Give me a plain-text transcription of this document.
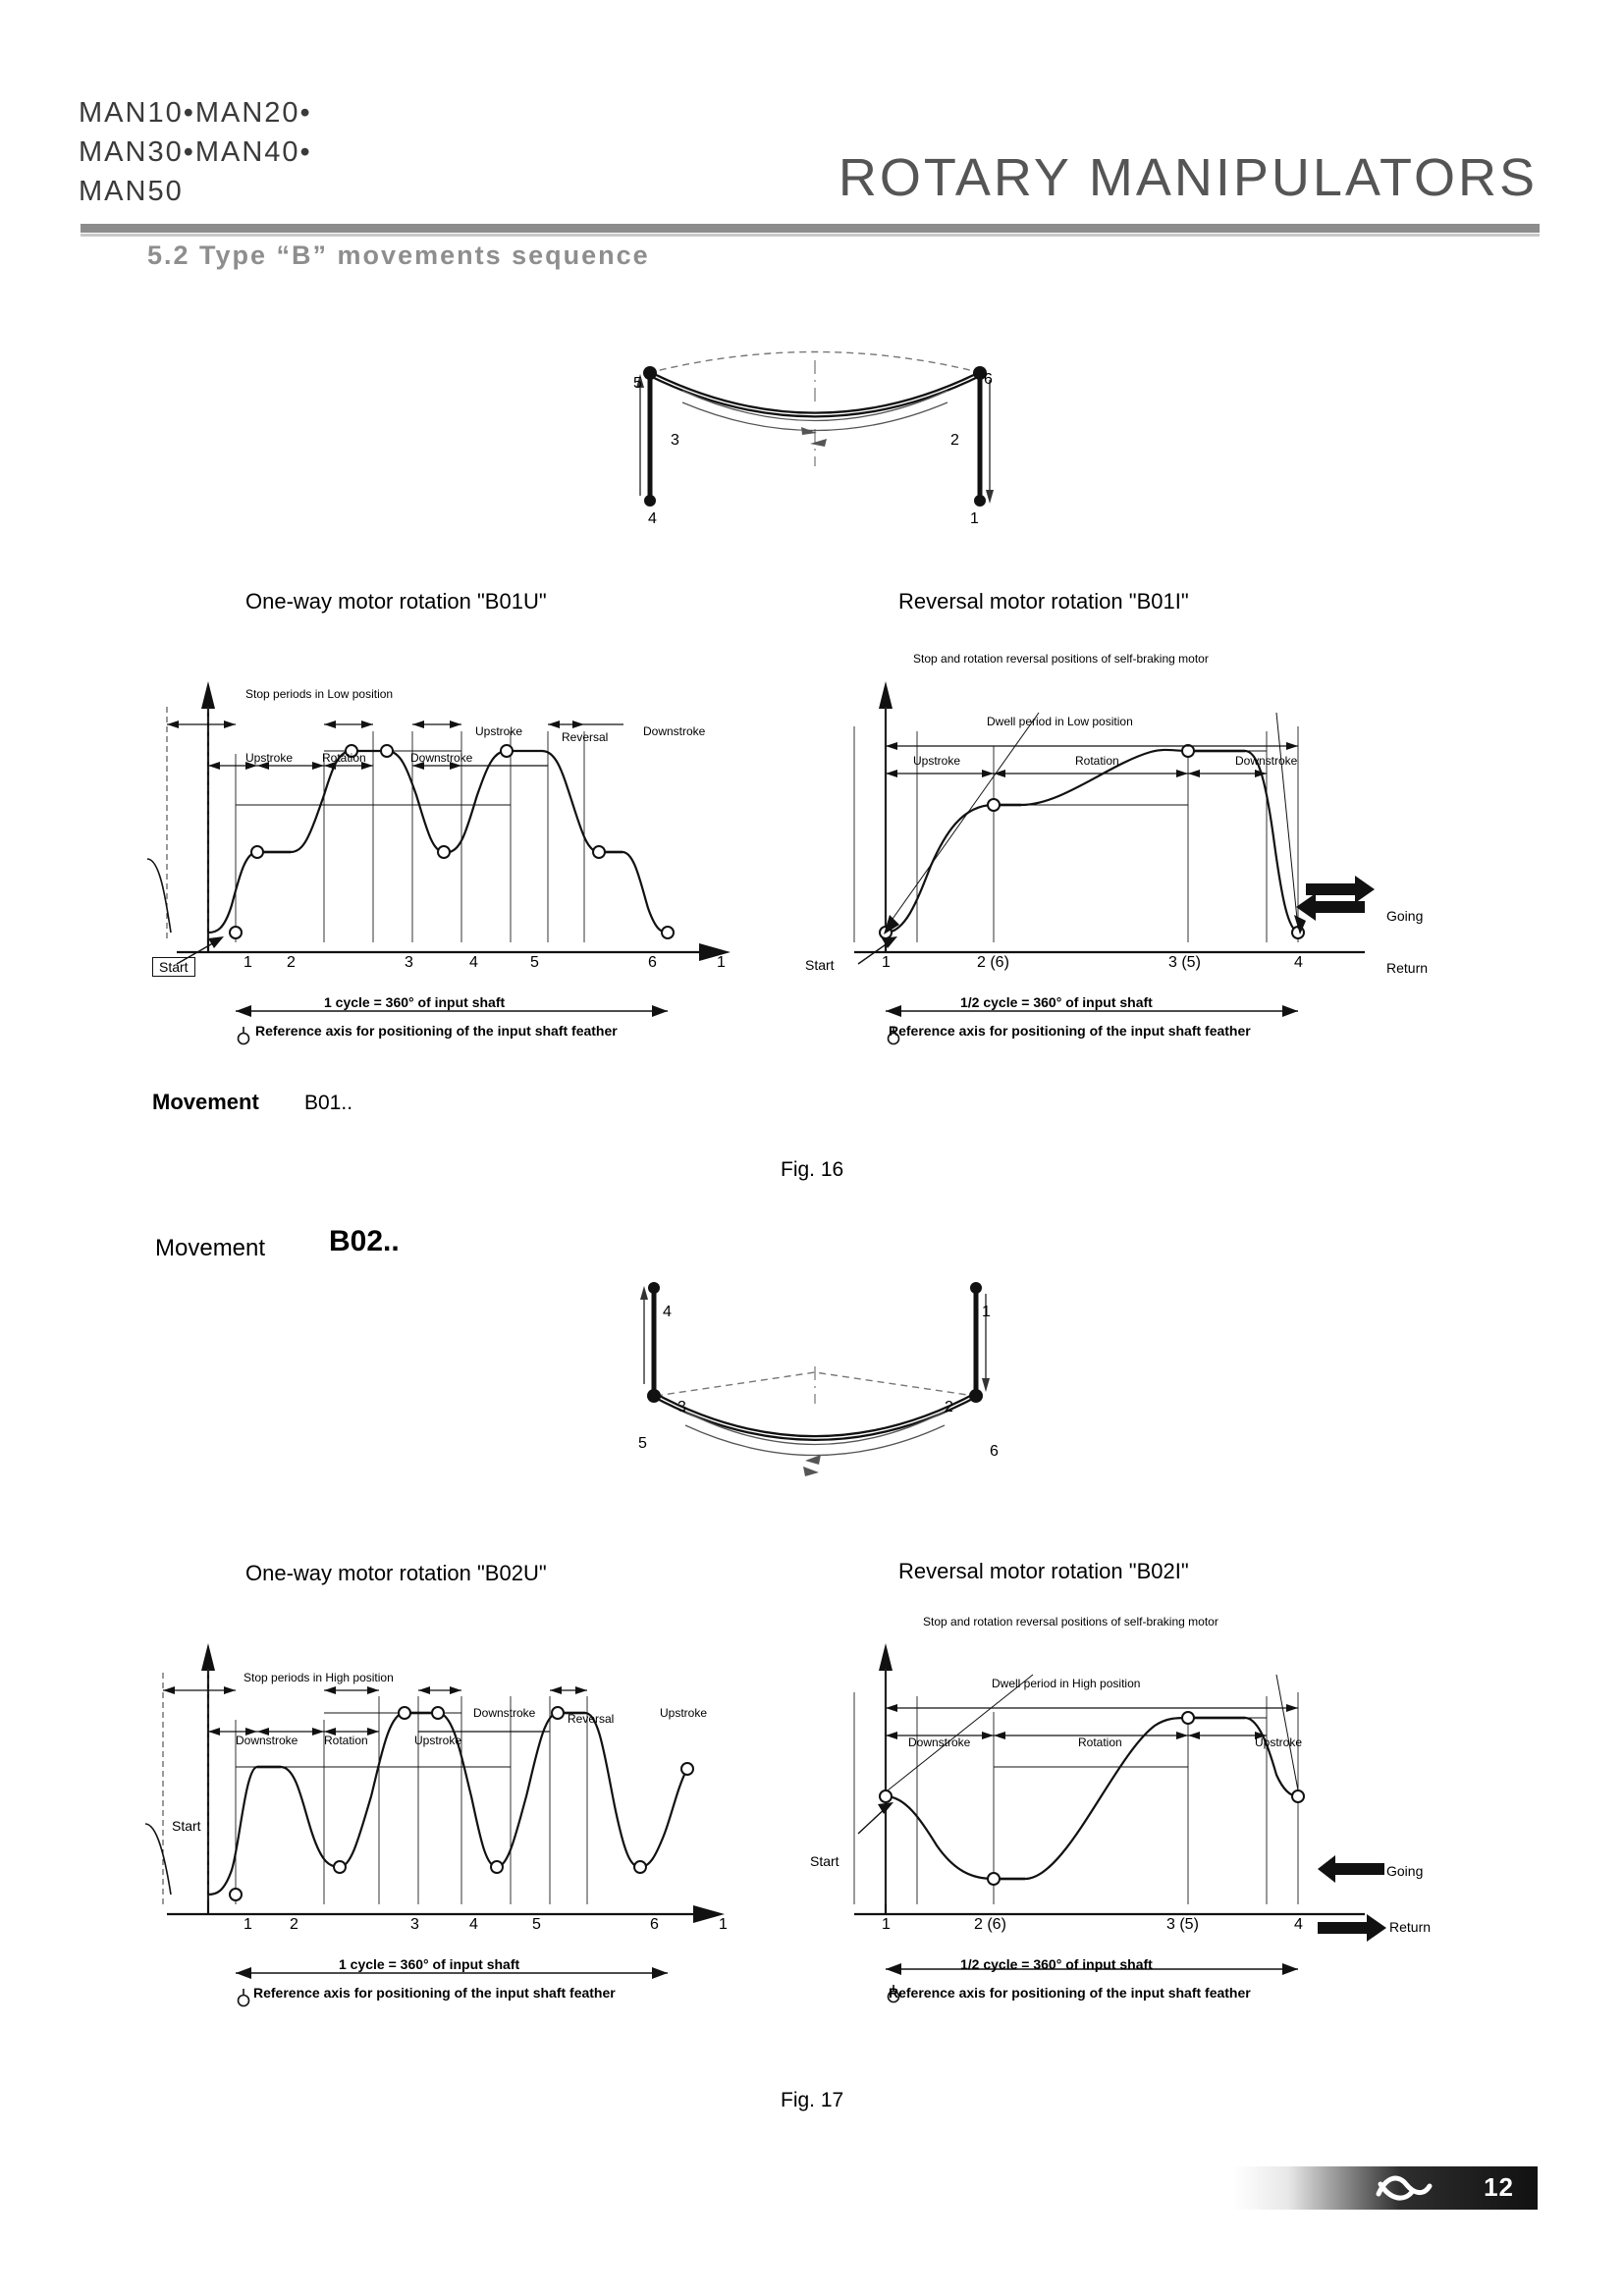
MAN10•MAN20•
MAN30•MAN40•
MAN50	ROTARY MANIPULATORS
5.2 Type “B” movements sequence
5	6
3	2
4	1
One-way motor rotation "B01U"
Stop periods in Low position
Upstroke	Reversal	Downstroke
Upstroke Rotation	Downstroke
Start	1 2	3	4	5	6	1
1 cycle = 360° of input shaft
Reference axis for positioning of the input shaft feather
Reversal motor rotation "B01I"
Stop and rotation reversal positions of self-braking motor
Dwell period in Low position
Upstroke	Rotation	Downstroke
Start	1	2 (6)	3 (5)	4
Going
Return
1/2 cycle = 360° of input shaft
Reference axis for positioning of the input shaft feather
Movement B01..
Fig. 16
Movement B02..
4	1
3	2
5	6
One-way motor rotation "B02U"
Stop periods in High position
Downstroke	Reversal	Upstroke
Downstroke Rotation	Upstroke
Start
1 2	3	4	5	6	1
1 cycle = 360° of input shaft
Reference axis for positioning of the input shaft feather
Reversal motor rotation "B02I"
Stop and rotation reversal positions of self-braking motor
Dwell period in High position
Downstroke	Rotation	Upstroke
Start
1	2 (6)	3 (5)	4
Going
Return
1/2 cycle = 360° of input shaft
Reference axis for positioning of the input shaft feather
Fig. 17
12
